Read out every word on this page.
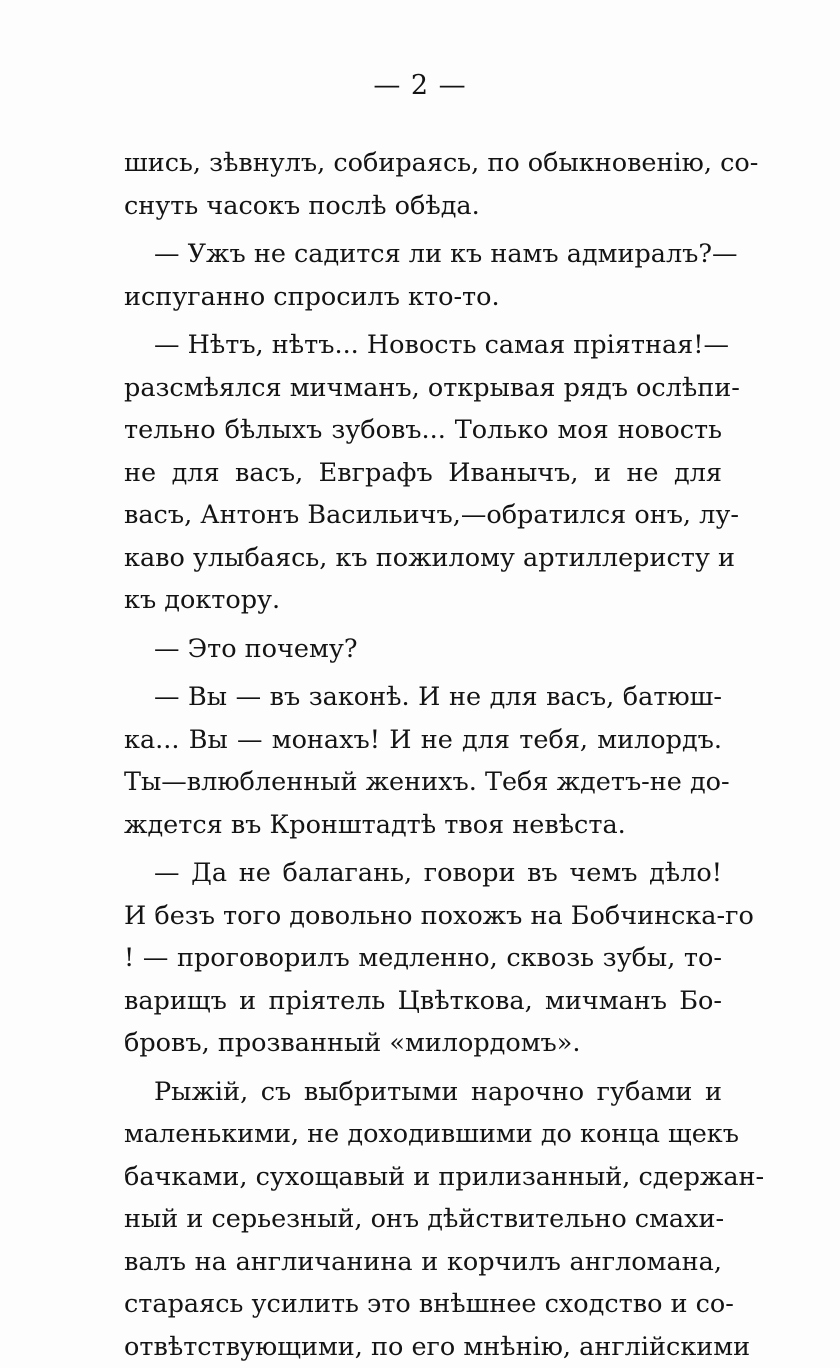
— 2 —
шись, зѣвнулъ, собираясь, по обыкновенію, со-
снуть часокъ послѣ обѣда.
— Ужъ не садится ли къ намъ адмиралъ?—
испуганно спросилъ кто-то.
— Нѣтъ, нѣтъ... Новость самая пріятная!—
разсмѣялся мичманъ, открывая рядъ ослѣпи-
тельно бѣлыхъ зубовъ... Только моя новость
не для васъ, Евграфъ Иванычъ, и не для
васъ, Антонъ Васильичъ,—обратился онъ, лу-
каво улыбаясь, къ пожилому артиллеристу и
къ доктору.
— Это почему?
— Вы — въ законѣ. И не для васъ, батюш-
ка... Вы — монахъ! И не для тебя, милордъ.
Ты—влюбленный женихъ. Тебя ждетъ-не до-
ждется въ Кронштадтѣ твоя невѣста.
— Да не балагань, говори въ чемъ дѣло!
И безъ того довольно похожъ на Бобчинска-го
! — проговорилъ медленно, сквозь зубы, то-
варищъ и пріятель Цвѣткова, мичманъ Бо-
бровъ, прозванный «милордомъ».
Рыжій, съ выбритыми нарочно губами и
маленькими, не доходившими до конца щекъ
бачками, сухощавый и прилизанный, сдержан-
ный и серьезный, онъ дѣйствительно смахи-
валъ на англичанина и корчилъ англомана,
стараясь усилить это внѣшнее сходство и со-
отвѣтствующими, по его мнѣнію, англійскими
